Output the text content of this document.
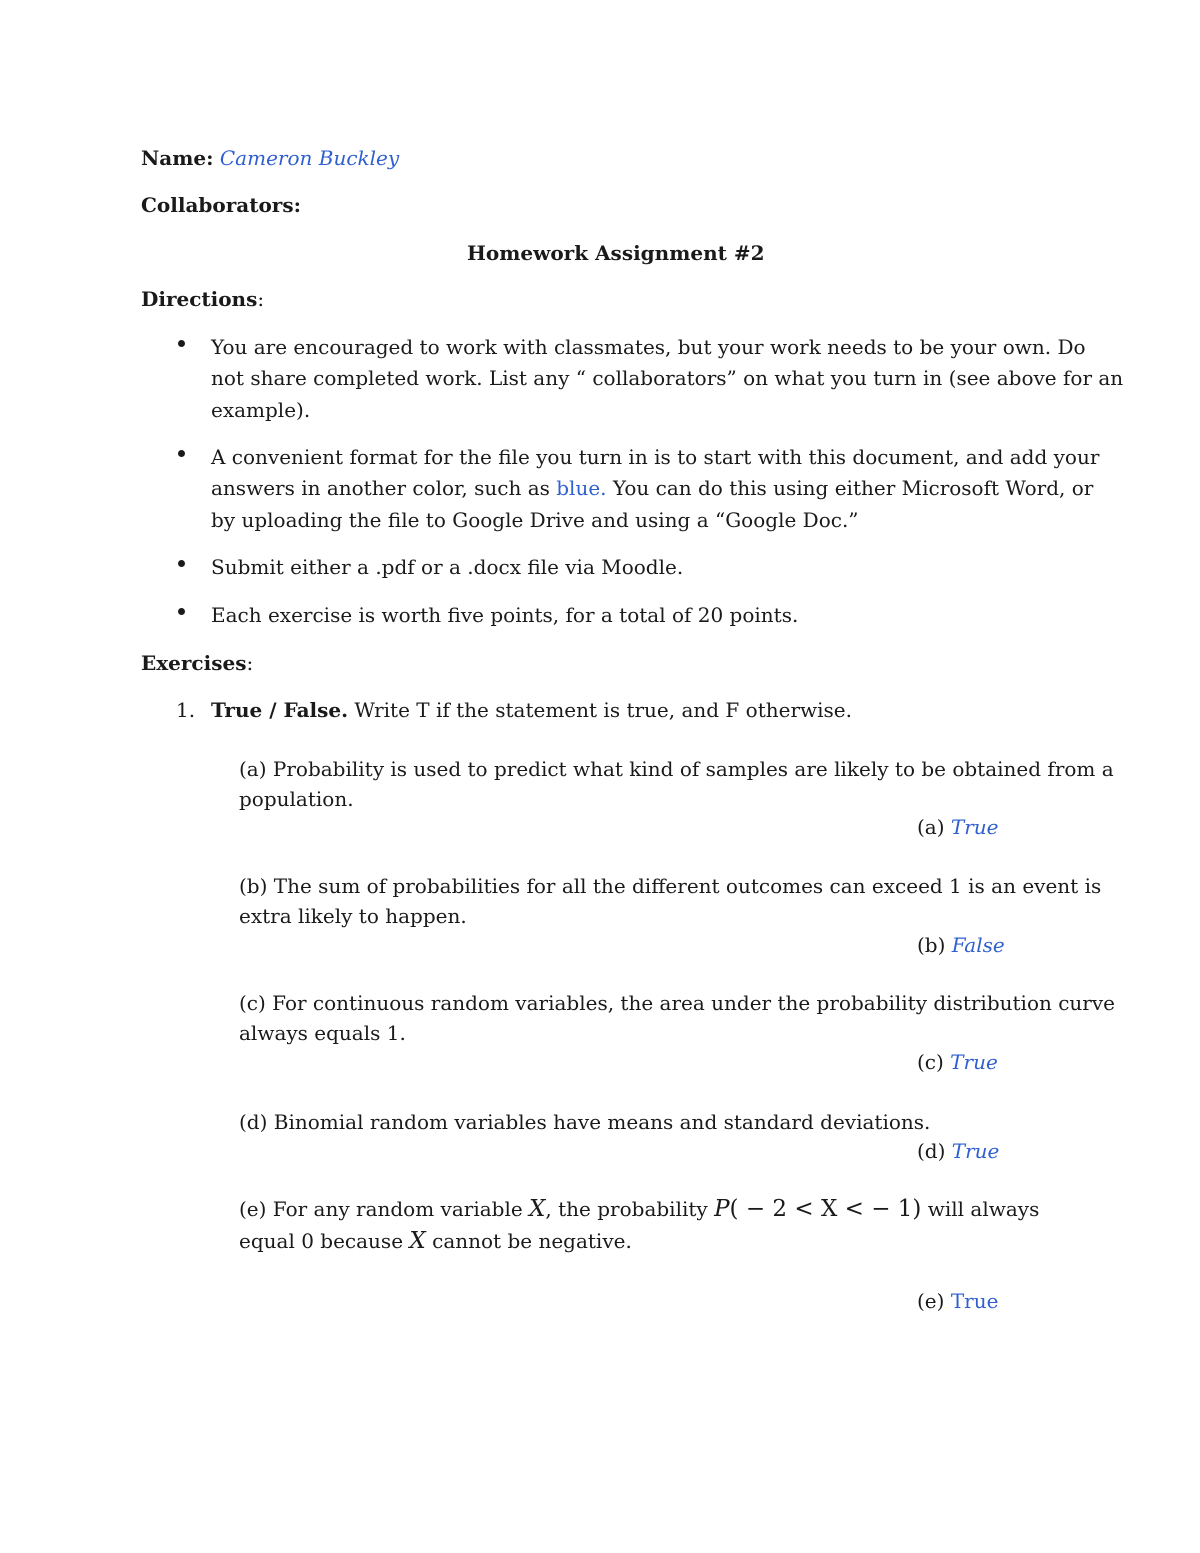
Name: Cameron Buckley
Collaborators:
Homework Assignment #2
Directions:
You are encouraged to work with classmates, but your work needs to be your own. Do
not share completed work. List any “ collaborators” on what you turn in (see above for an
example).
A convenient format for the file you turn in is to start with this document, and add your
answers in another color, such as blue. You can do this using either Microsoft Word, or
by uploading the file to Google Drive and using a “Google Doc.”
Submit either a .pdf or a .docx file via Moodle.
Each exercise is worth five points, for a total of 20 points.
Exercises:
1. True / False. Write T if the statement is true, and F otherwise.
(a) Probability is used to predict what kind of samples are likely to be obtained from a
population.
(a) True
(b) The sum of probabilities for all the different outcomes can exceed 1 is an event is
extra likely to happen.
(b) False
(c) For continuous random variables, the area under the probability distribution curve
always equals 1.
(c) True
(d) Binomial random variables have means and standard deviations.
(d) True
(e) For any random variable X, the probability P( − 2 < X < − 1) will always
equal 0 because X cannot be negative.
(e) True
